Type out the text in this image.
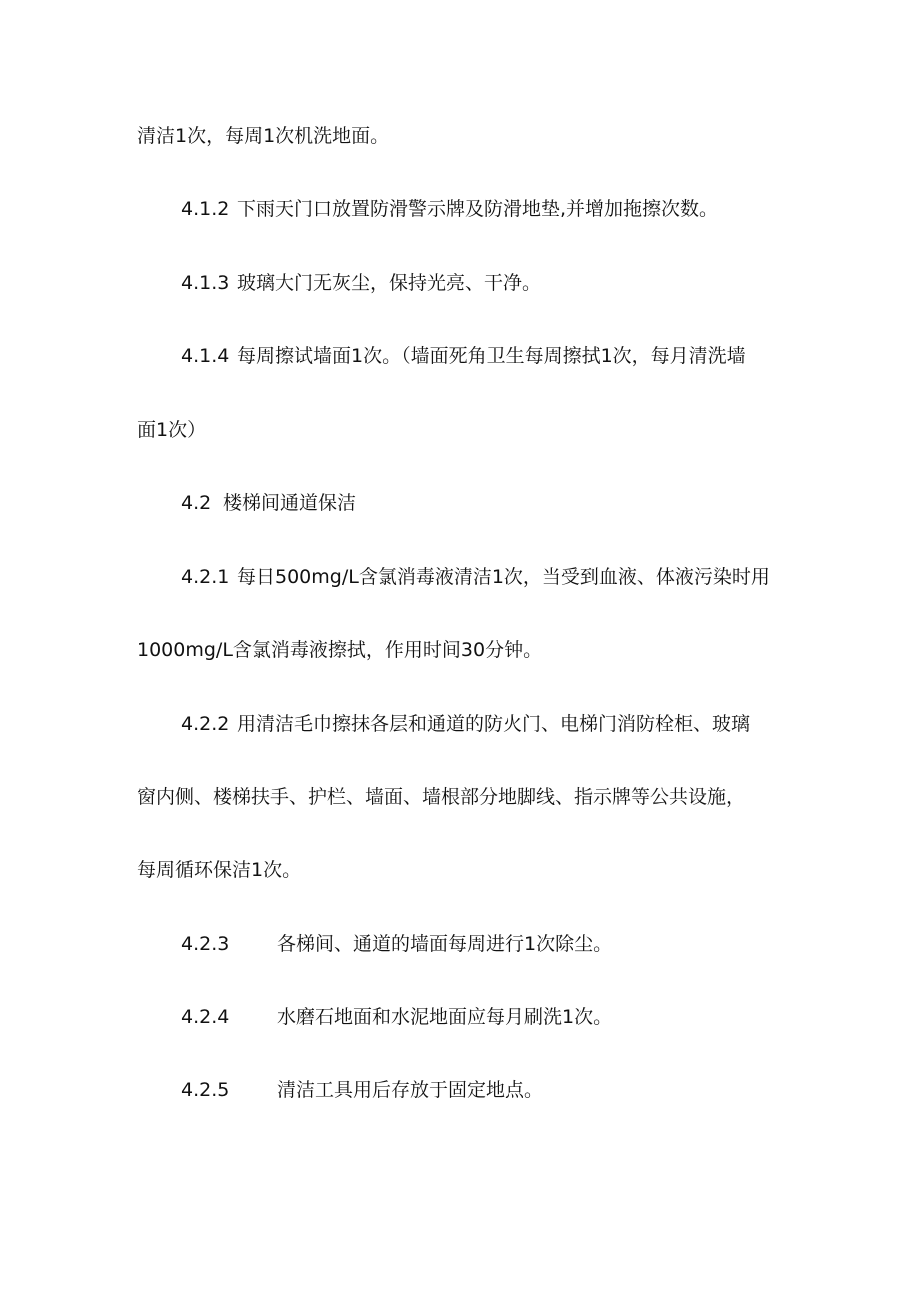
清洁1次，每周1次机洗地面。
4.1.2 下雨天门口放置防滑警示牌及防滑地垫,并增加拖擦次数。
4.1.3 玻璃大门无灰尘，保持光亮、干净。
4.1.4 每周擦试墙面1次。（墙面死角卫生每周擦拭1次，每月清洗墙
面1次）
4.2 楼梯间通道保洁
4.2.1 每日500mg/L含氯消毒液清洁1次，当受到血液、体液污染时用
1000mg/L含氯消毒液擦拭，作用时间30分钟。
4.2.2 用清洁毛巾擦抹各层和通道的防火门、电梯门消防栓柜、玻璃
窗内侧、楼梯扶手、护栏、墙面、墙根部分地脚线、指示牌等公共设施，
每周循环保洁1次。
4.2.3	各梯间、通道的墙面每周进行1次除尘。
4.2.4	水磨石地面和水泥地面应每月刷洗1次。
4.2.5	清洁工具用后存放于固定地点。
